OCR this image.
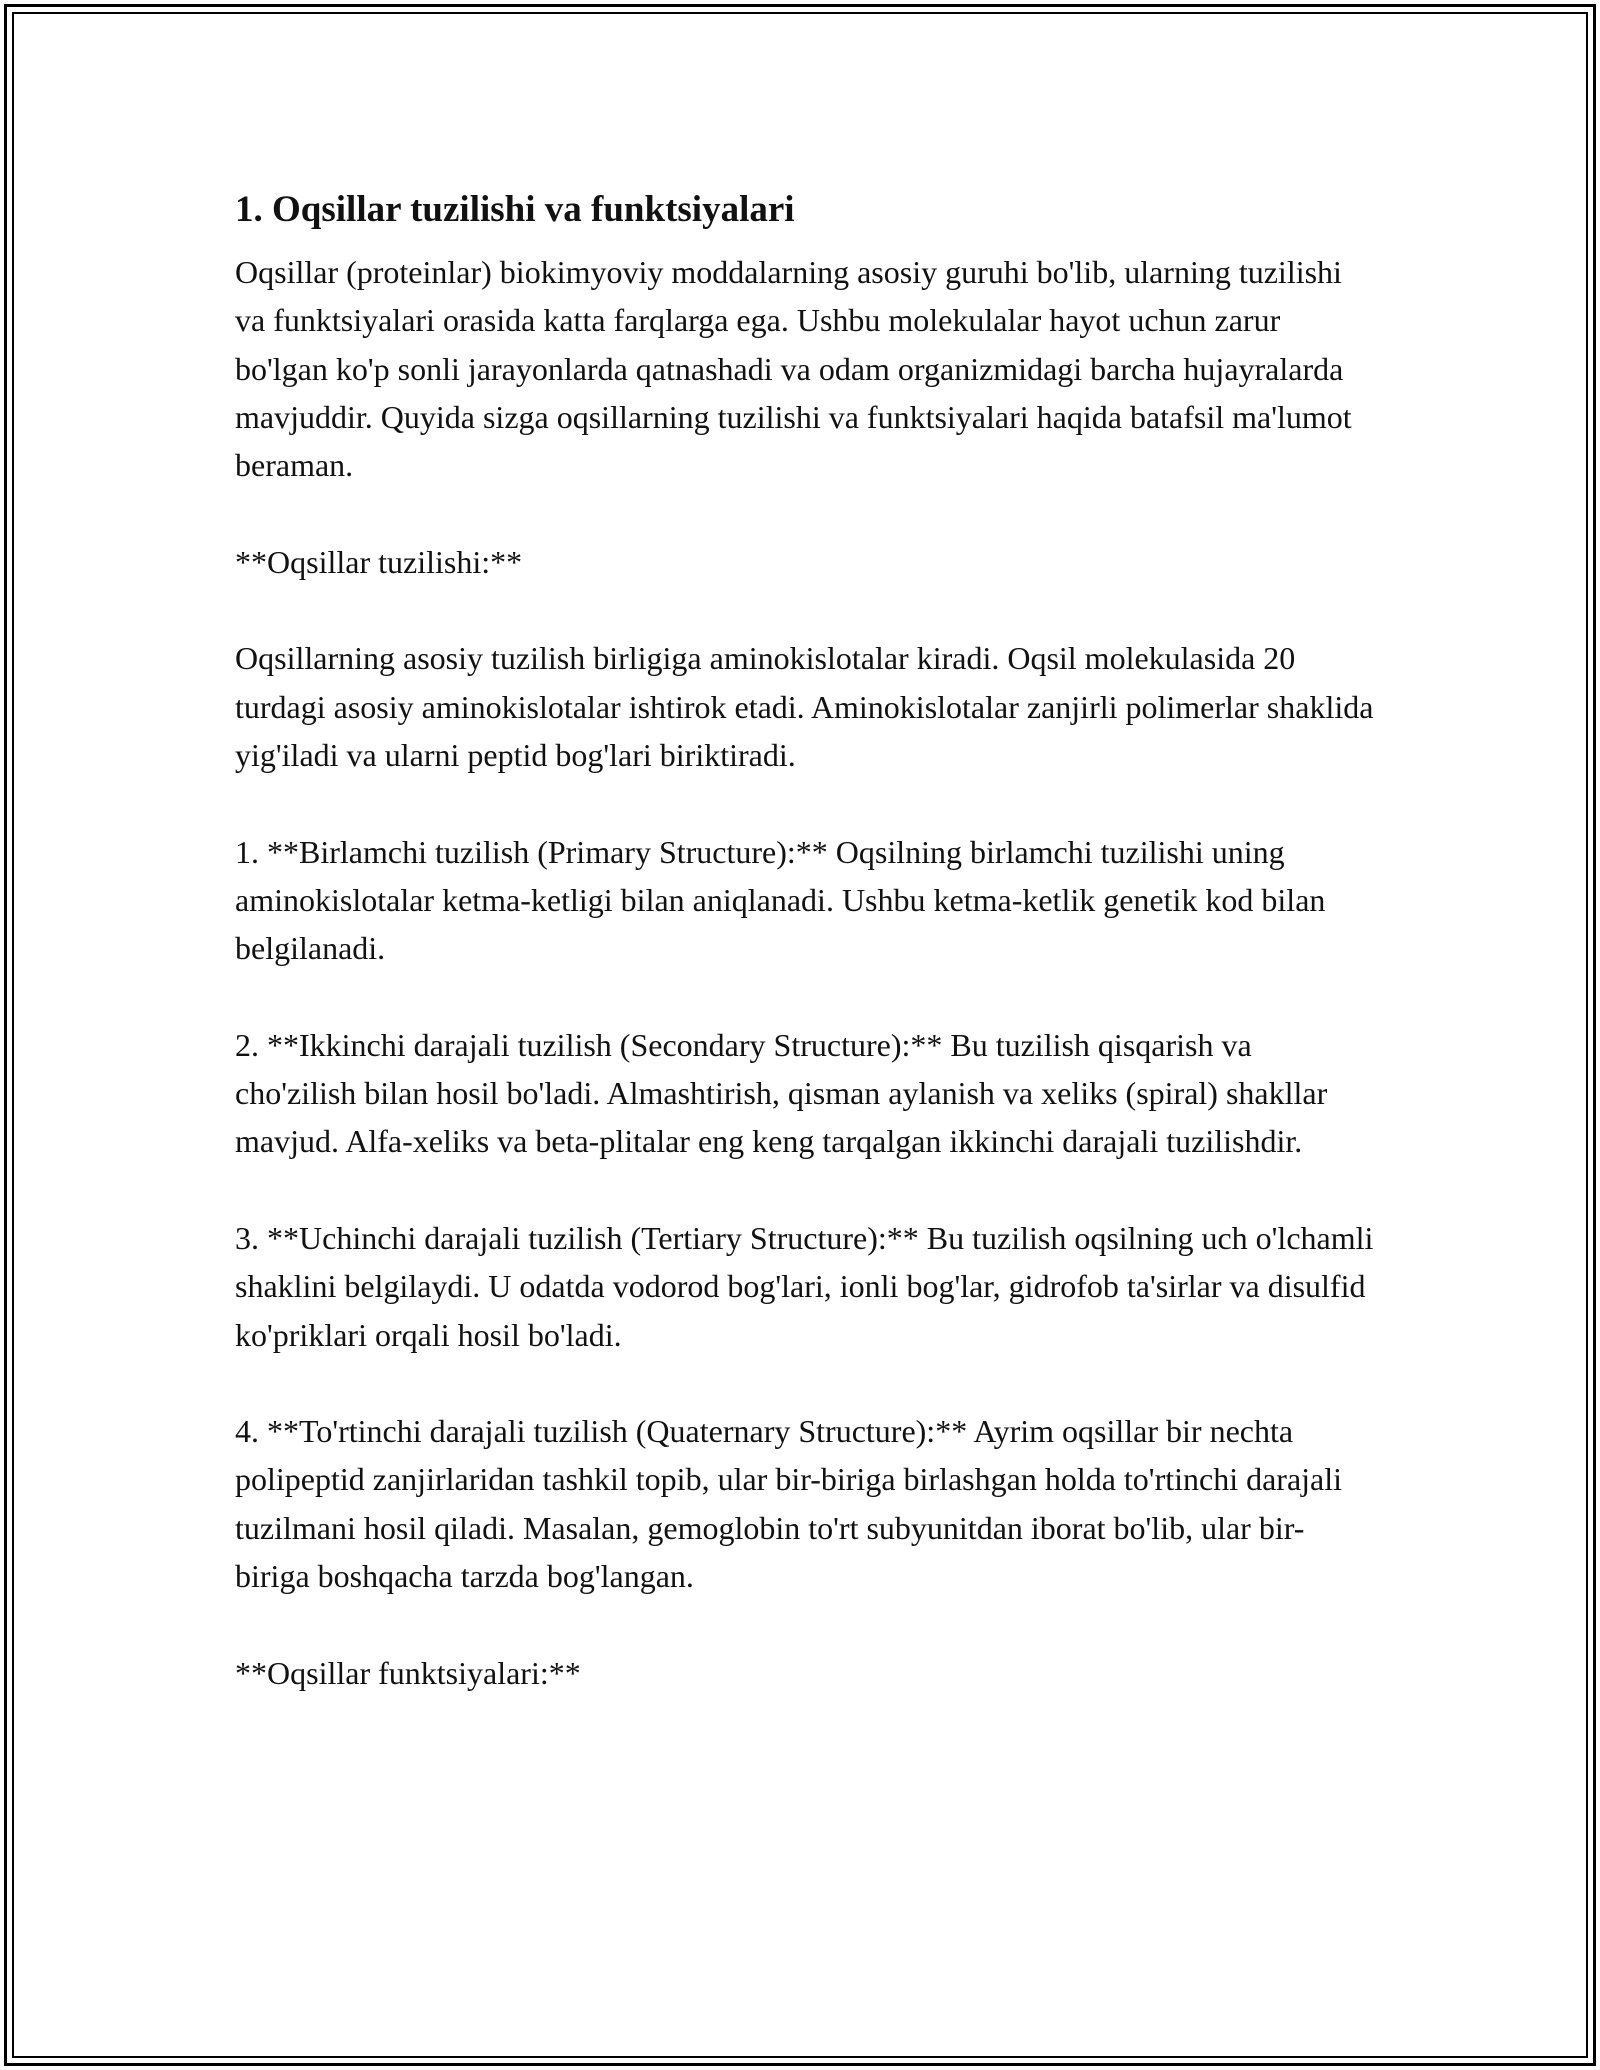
1. Oqsillar tuzilishi va funktsiyalari

Oqsillar (proteinlar) biokimyoviy moddalarning asosiy guruhi bo'lib, ularning tuzilishi va funktsiyalari orasida katta farqlarga ega. Ushbu molekulalar hayot uchun zarur bo'lgan ko'p sonli jarayonlarda qatnashadi va odam organizmidagi barcha hujayralarda mavjuddir. Quyida sizga oqsillarning tuzilishi va funktsiyalari haqida batafsil ma'lumot beraman.

**Oqsillar tuzilishi:**

Oqsillarning asosiy tuzilish birligiga aminokislotalar kiradi. Oqsil molekulasida 20 turdagi asosiy aminokislotalar ishtirok etadi. Aminokislotalar zanjirli polimerlar shaklida yig'iladi va ularni peptid bog'lari biriktiradi.

1. **Birlamchi tuzilish (Primary Structure):** Oqsilning birlamchi tuzilishi uning aminokislotalar ketma-ketligi bilan aniqlanadi. Ushbu ketma-ketlik genetik kod bilan belgilanadi.

2. **Ikkinchi darajali tuzilish (Secondary Structure):** Bu tuzilish qisqarish va cho'zilish bilan hosil bo'ladi. Almashtirish, qisman aylanish va xeliks (spiral) shakllar mavjud. Alfa-xeliks va beta-plitalar eng keng tarqalgan ikkinchi darajali tuzilishdir.

3. **Uchinchi darajali tuzilish (Tertiary Structure):** Bu tuzilish oqsilning uch o'lchamli shaklini belgilaydi. U odatda vodorod bog'lari, ionli bog'lar, gidrofob ta'sirlar va disulfid ko'priklari orqali hosil bo'ladi.

4. **To'rtinchi darajali tuzilish (Quaternary Structure):** Ayrim oqsillar bir nechta polipeptid zanjirlaridan tashkil topib, ular bir-biriga birlashgan holda to'rtinchi darajali tuzilmani hosil qiladi. Masalan, gemoglobin to'rt subyunitdan iborat bo'lib, ular bir-biriga boshqacha tarzda bog'langan.

**Oqsillar funktsiyalari:**
